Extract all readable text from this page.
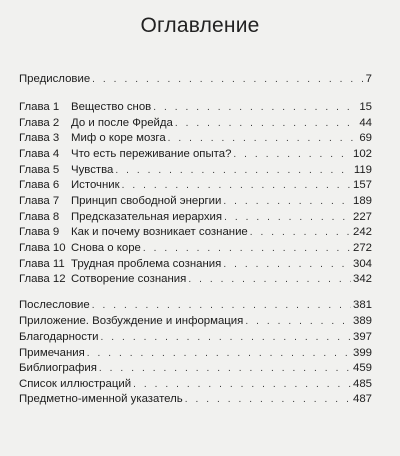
Оглавление
Предисловие . . .	7
Глава 1	Вещество снов . . .	15
Глава 2	До и после Фрейда . . .	44
Глава 3	Миф о коре мозга . . .	69
Глава 4	Что есть переживание опыта? . . .	102
Глава 5	Чувства . . .	119
Глава 6	Источник . . .	157
Глава 7	Принцип свободной энергии . . .	189
Глава 8	Предсказательная иерархия . . .	227
Глава 9	Как и почему возникает сознание . . .	242
Глава 10 Снова о коре . . .	272
Глава 11 Трудная проблема сознания . . .	304
Глава 12 Сотворение сознания . . .	342
Послесловие . . .	381
Приложение. Возбуждение и информация . . .	389
Благодарности . . .	397
Примечания . . .	399
Библиография . . .	459
Список иллюстраций . . .	485
Предметно-именной указатель . . .	487
